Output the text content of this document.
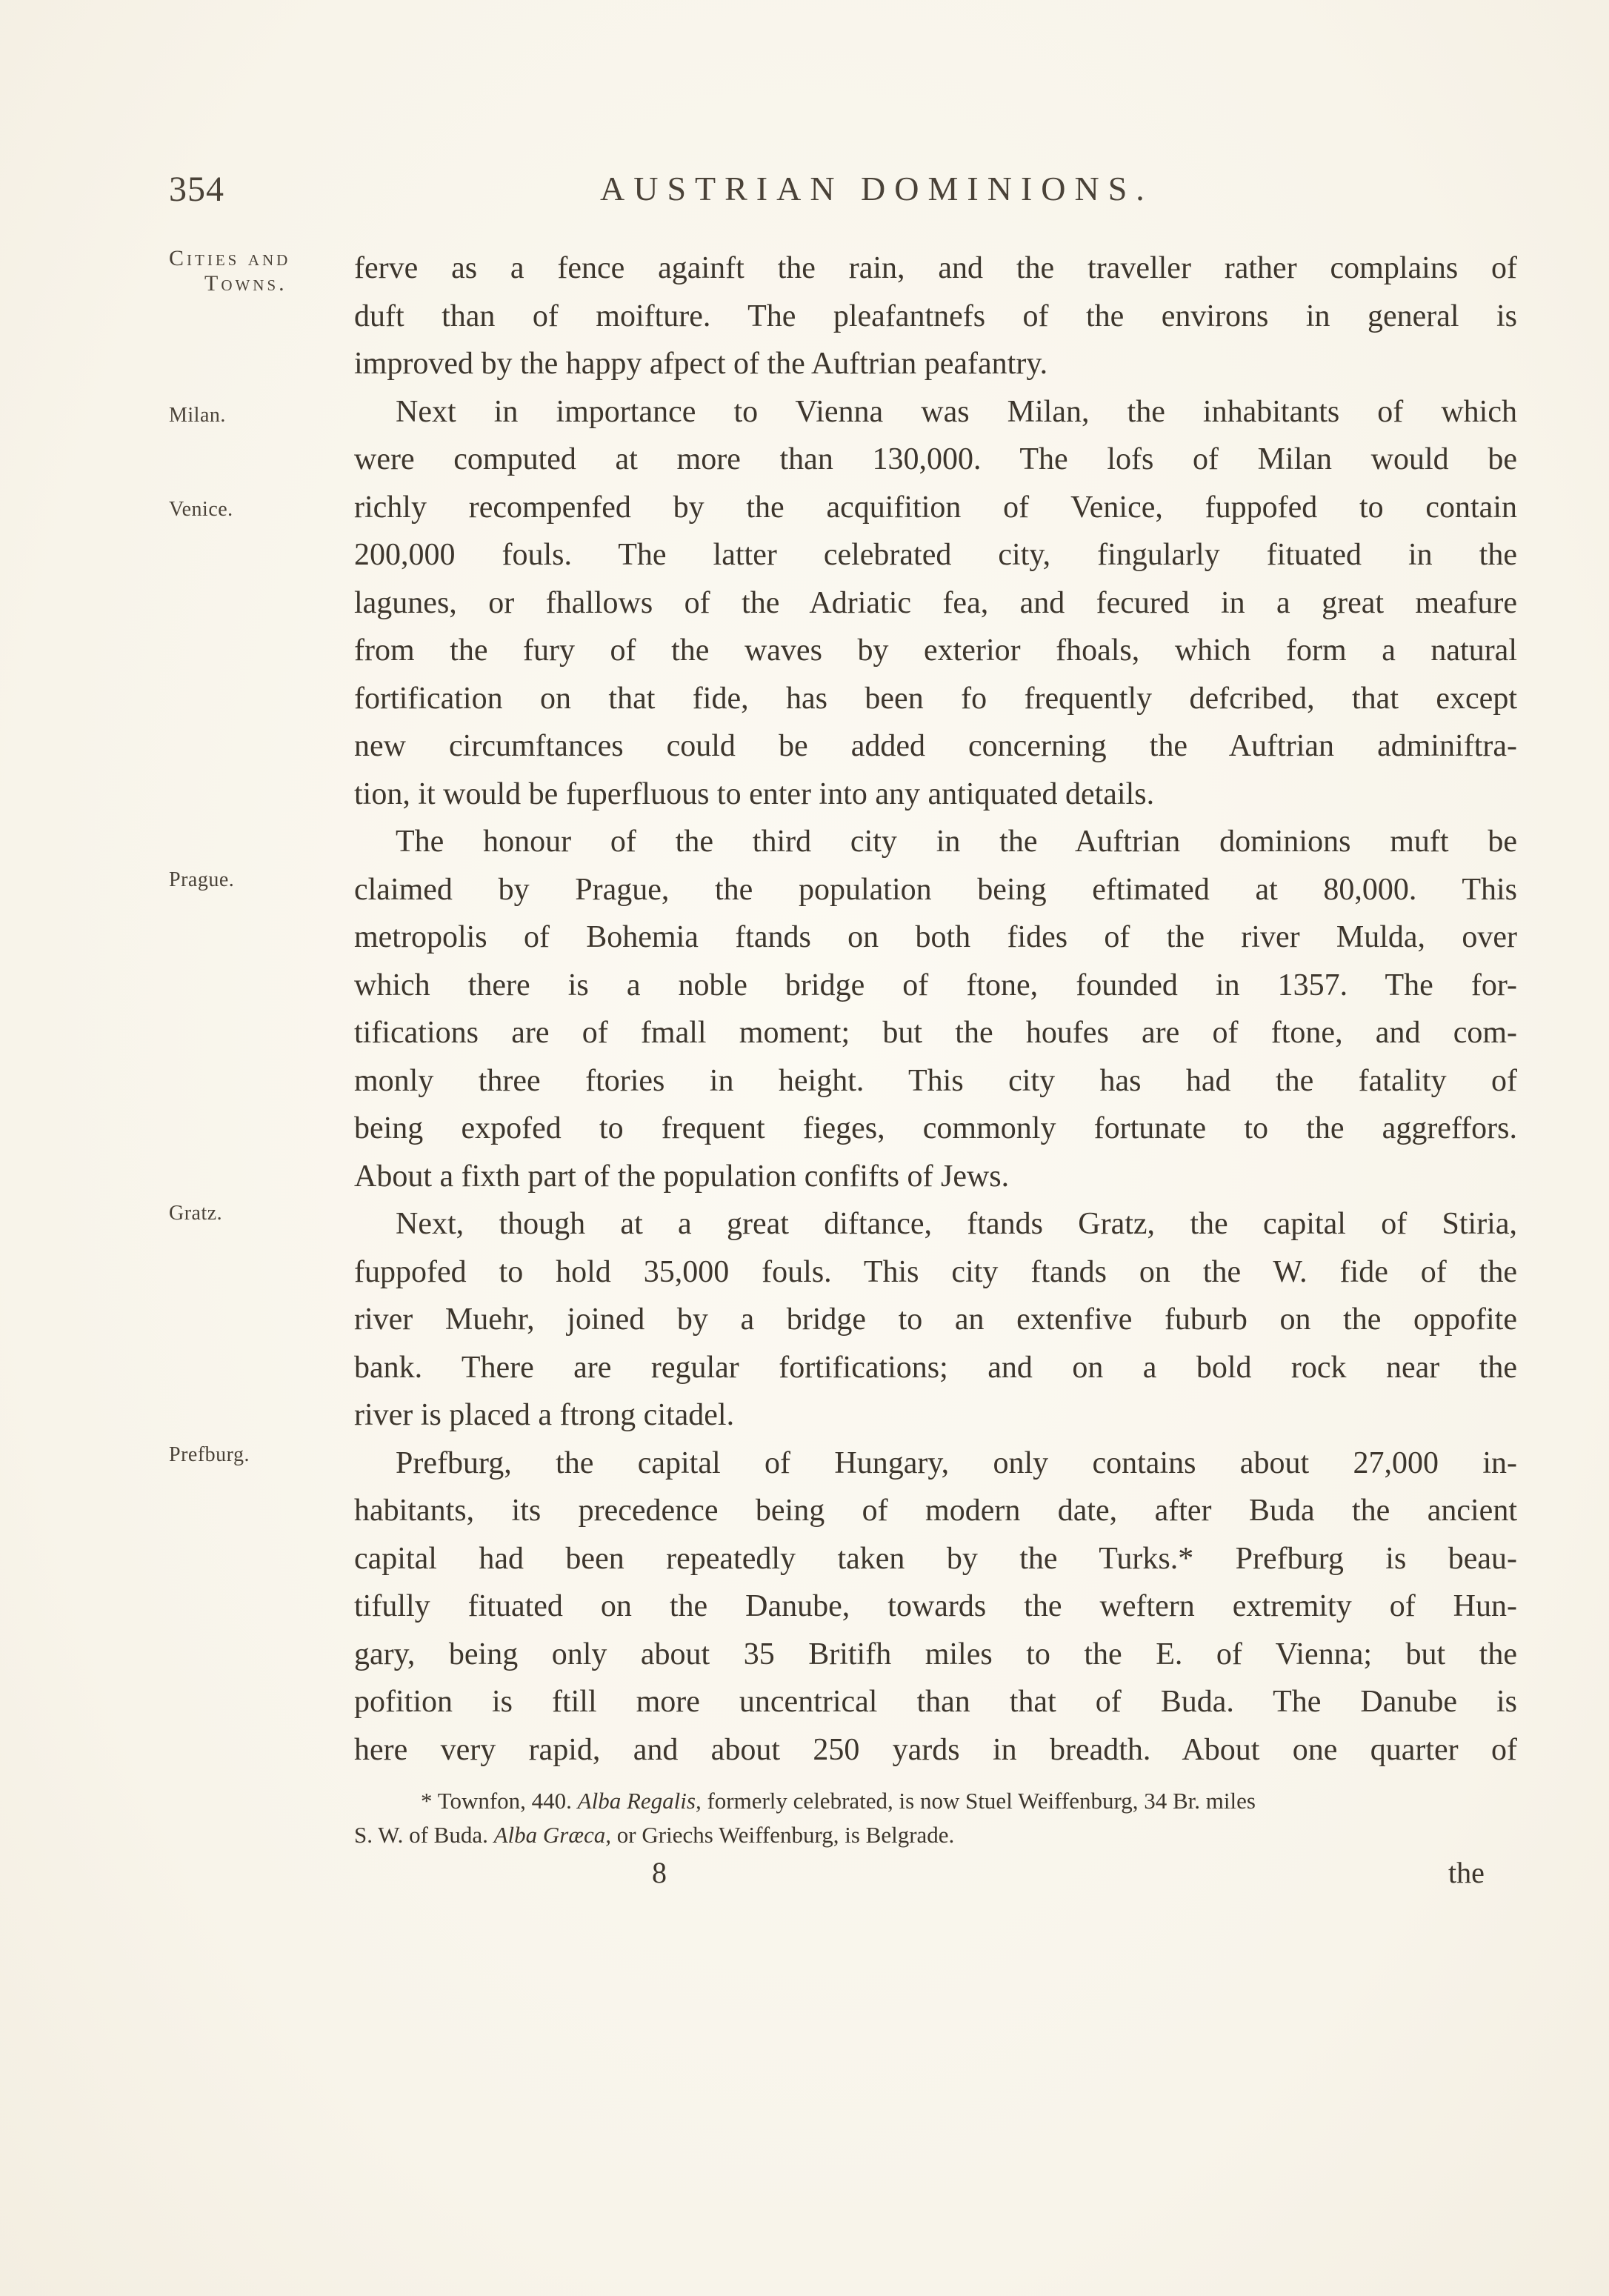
354	AUSTRIAN DOMINIONS.
Cities and
Towns.
Milan.
Venice.
Prague.
Gratz.
Prefburg.
ferve as a fence againft the rain, and the traveller rather complains of
duft than of moifture. The pleafantnefs of the environs in general is
improved by the happy afpect of the Auftrian peafantry.
Next in importance to Vienna was Milan, the inhabitants of which
were computed at more than 130,000. The lofs of Milan would be
richly recompenfed by the acquifition of Venice, fuppofed to contain
200,000 fouls. The latter celebrated city, fingularly fituated in the
lagunes, or fhallows of the Adriatic fea, and fecured in a great meafure
from the fury of the waves by exterior fhoals, which form a natural
fortification on that fide, has been fo frequently defcribed, that except
new circumftances could be added concerning the Auftrian adminiftra-
tion, it would be fuperfluous to enter into any antiquated details.
The honour of the third city in the Auftrian dominions muft be
claimed by Prague, the population being eftimated at 80,000. This
metropolis of Bohemia ftands on both fides of the river Mulda, over
which there is a noble bridge of ftone, founded in 1357. The for-
tifications are of fmall moment; but the houfes are of ftone, and com-
monly three ftories in height. This city has had the fatality of
being expofed to frequent fieges, commonly fortunate to the aggreffors.
About a fixth part of the population confifts of Jews.
Next, though at a great diftance, ftands Gratz, the capital of Stiria,
fuppofed to hold 35,000 fouls. This city ftands on the W. fide of the
river Muehr, joined by a bridge to an extenfive fuburb on the oppofite
bank. There are regular fortifications; and on a bold rock near the
river is placed a ftrong citadel.
Prefburg, the capital of Hungary, only contains about 27,000 in-
habitants, its precedence being of modern date, after Buda the ancient
capital had been repeatedly taken by the Turks.* Prefburg is beau-
tifully fituated on the Danube, towards the weftern extremity of Hun-
gary, being only about 35 Britifh miles to the E. of Vienna; but the
pofition is ftill more uncentrical than that of Buda. The Danube is
here very rapid, and about 250 yards in breadth. About one quarter of
* Townfon, 440. Alba Regalis, formerly celebrated, is now Stuel Weiffenburg, 34 Br. miles
S. W. of Buda. Alba Græca, or Griechs Weiffenburg, is Belgrade.
8	the
